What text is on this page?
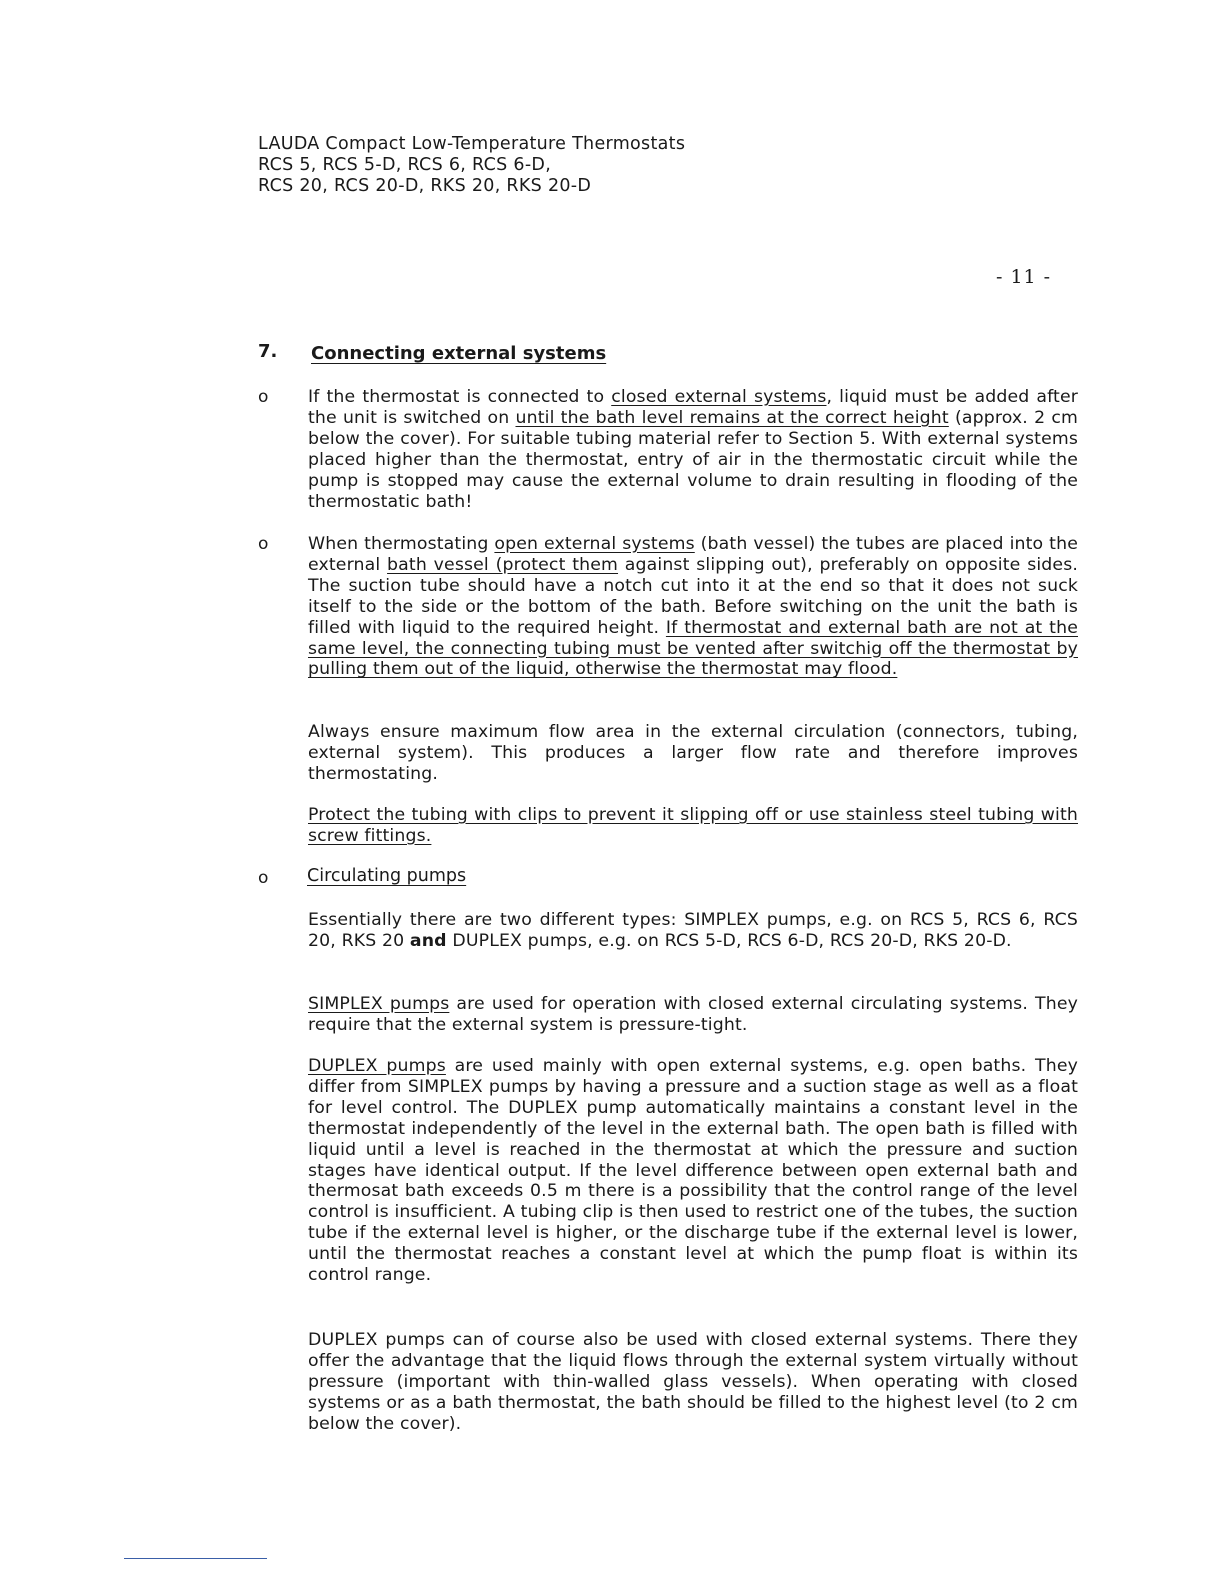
LAUDA Compact Low-Temperature Thermostats
RCS 5, RCS 5-D, RCS 6, RCS 6-D,
RCS 20, RCS 20-D, RKS 20, RKS 20-D
- 11 -
7. Connecting external systems
o If the thermostat is connected to closed external systems, liquid must be added after the unit is switched on until the bath level remains at the correct height (approx. 2 cm below the cover). For suitable tubing material refer to Section 5. With external systems placed higher than the thermostat, entry of air in the thermostatic circuit while the pump is stopped may cause the external volume to drain resulting in flooding of the thermostatic bath!
o When thermostating open external systems (bath vessel) the tubes are placed into the external bath vessel (protect them against slipping out), preferably on opposite sides. The suction tube should have a notch cut into it at the end so that it does not suck itself to the side or the bottom of the bath. Before switching on the unit the bath is filled with liquid to the required height. If thermostat and external bath are not at the same level, the connecting tubing must be vented after switchig off the thermostat by pulling them out of the liquid, otherwise the thermostat may flood.
Always ensure maximum flow area in the external circulation (connectors, tubing, external system). This produces a larger flow rate and therefore improves thermostating.
Protect the tubing with clips to prevent it slipping off or use stainless steel tubing with screw fittings.
o Circulating pumps
Essentially there are two different types: SIMPLEX pumps, e.g. on RCS 5, RCS 6, RCS 20, RKS 20 and DUPLEX pumps, e.g. on RCS 5-D, RCS 6-D, RCS 20-D, RKS 20-D.
SIMPLEX pumps are used for operation with closed external circulating systems. They require that the external system is pressure-tight.
DUPLEX pumps are used mainly with open external systems, e.g. open baths. They differ from SIMPLEX pumps by having a pressure and a suction stage as well as a float for level control. The DUPLEX pump automatically maintains a constant level in the thermostat independently of the level in the external bath. The open bath is filled with liquid until a level is reached in the thermostat at which the pressure and suction stages have identical output. If the level difference between open external bath and thermosat bath exceeds 0.5 m there is a possibility that the control range of the level control is insufficient. A tubing clip is then used to restrict one of the tubes, the suction tube if the external level is higher, or the discharge tube if the external level is lower, until the thermostat reaches a constant level at which the pump float is within its control range.
DUPLEX pumps can of course also be used with closed external systems. There they offer the advantage that the liquid flows through the external system virtually without pressure (important with thin-walled glass vessels). When operating with closed systems or as a bath thermostat, the bath should be filled to the highest level (to 2 cm below the cover).
